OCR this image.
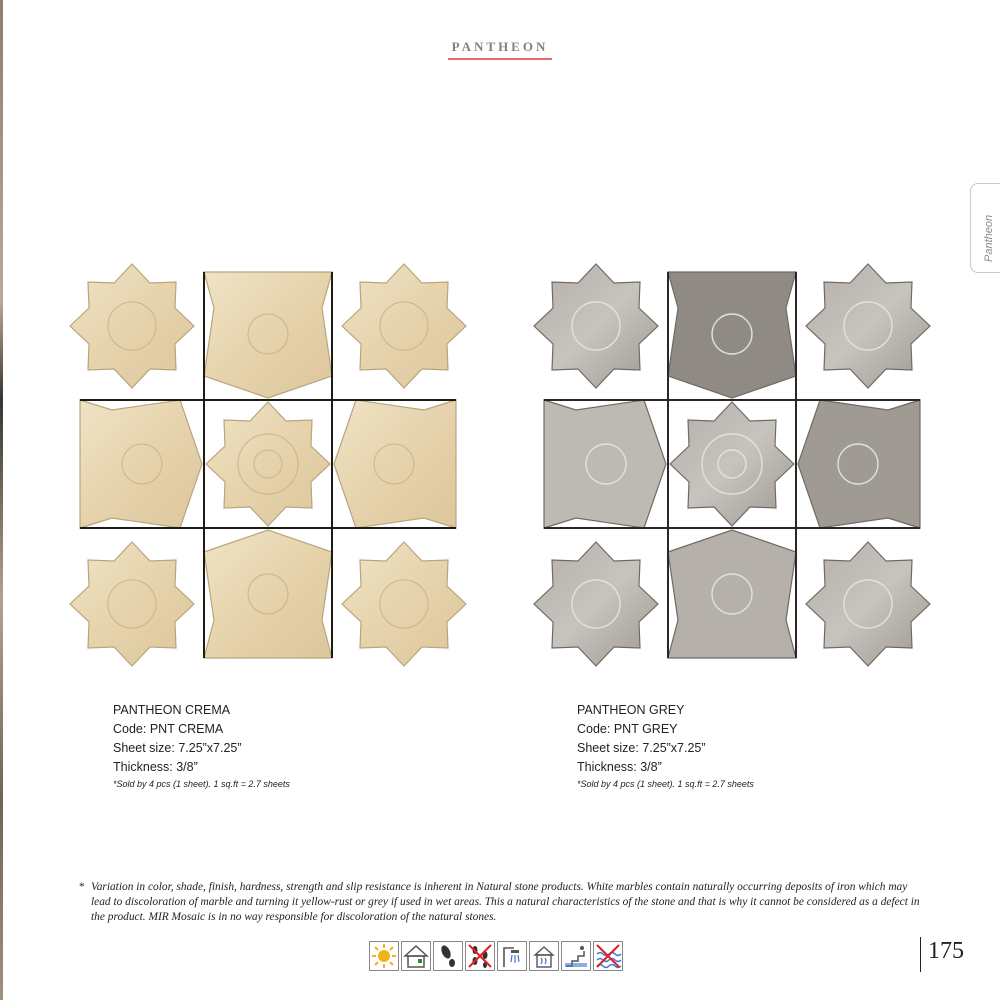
PANTHEON
Pantheon
PANTHEON CREMA
Code: PNT CREMA
Sheet size: 7.25”x7.25”
Thickness: 3/8”
*Sold by 4 pcs (1 sheet). 1 sq.ft = 2.7 sheets
PANTHEON GREY
Code: PNT GREY
Sheet size: 7.25”x7.25”
Thickness: 3/8”
*Sold by 4 pcs (1 sheet). 1 sq.ft = 2.7 sheets
* Variation in color, shade, finish, hardness, strength and slip resistance is inherent in Natural stone products. White marbles contain naturally occurring deposits of iron which may lead to discoloration of marble and turning it yellow-rust or grey if used in wet areas. This a natural characteristics of the stone and that is why it cannot be considered as a defect in the product. MIR Mosaic is in no way responsible for discoloration of the natural stones.
175
